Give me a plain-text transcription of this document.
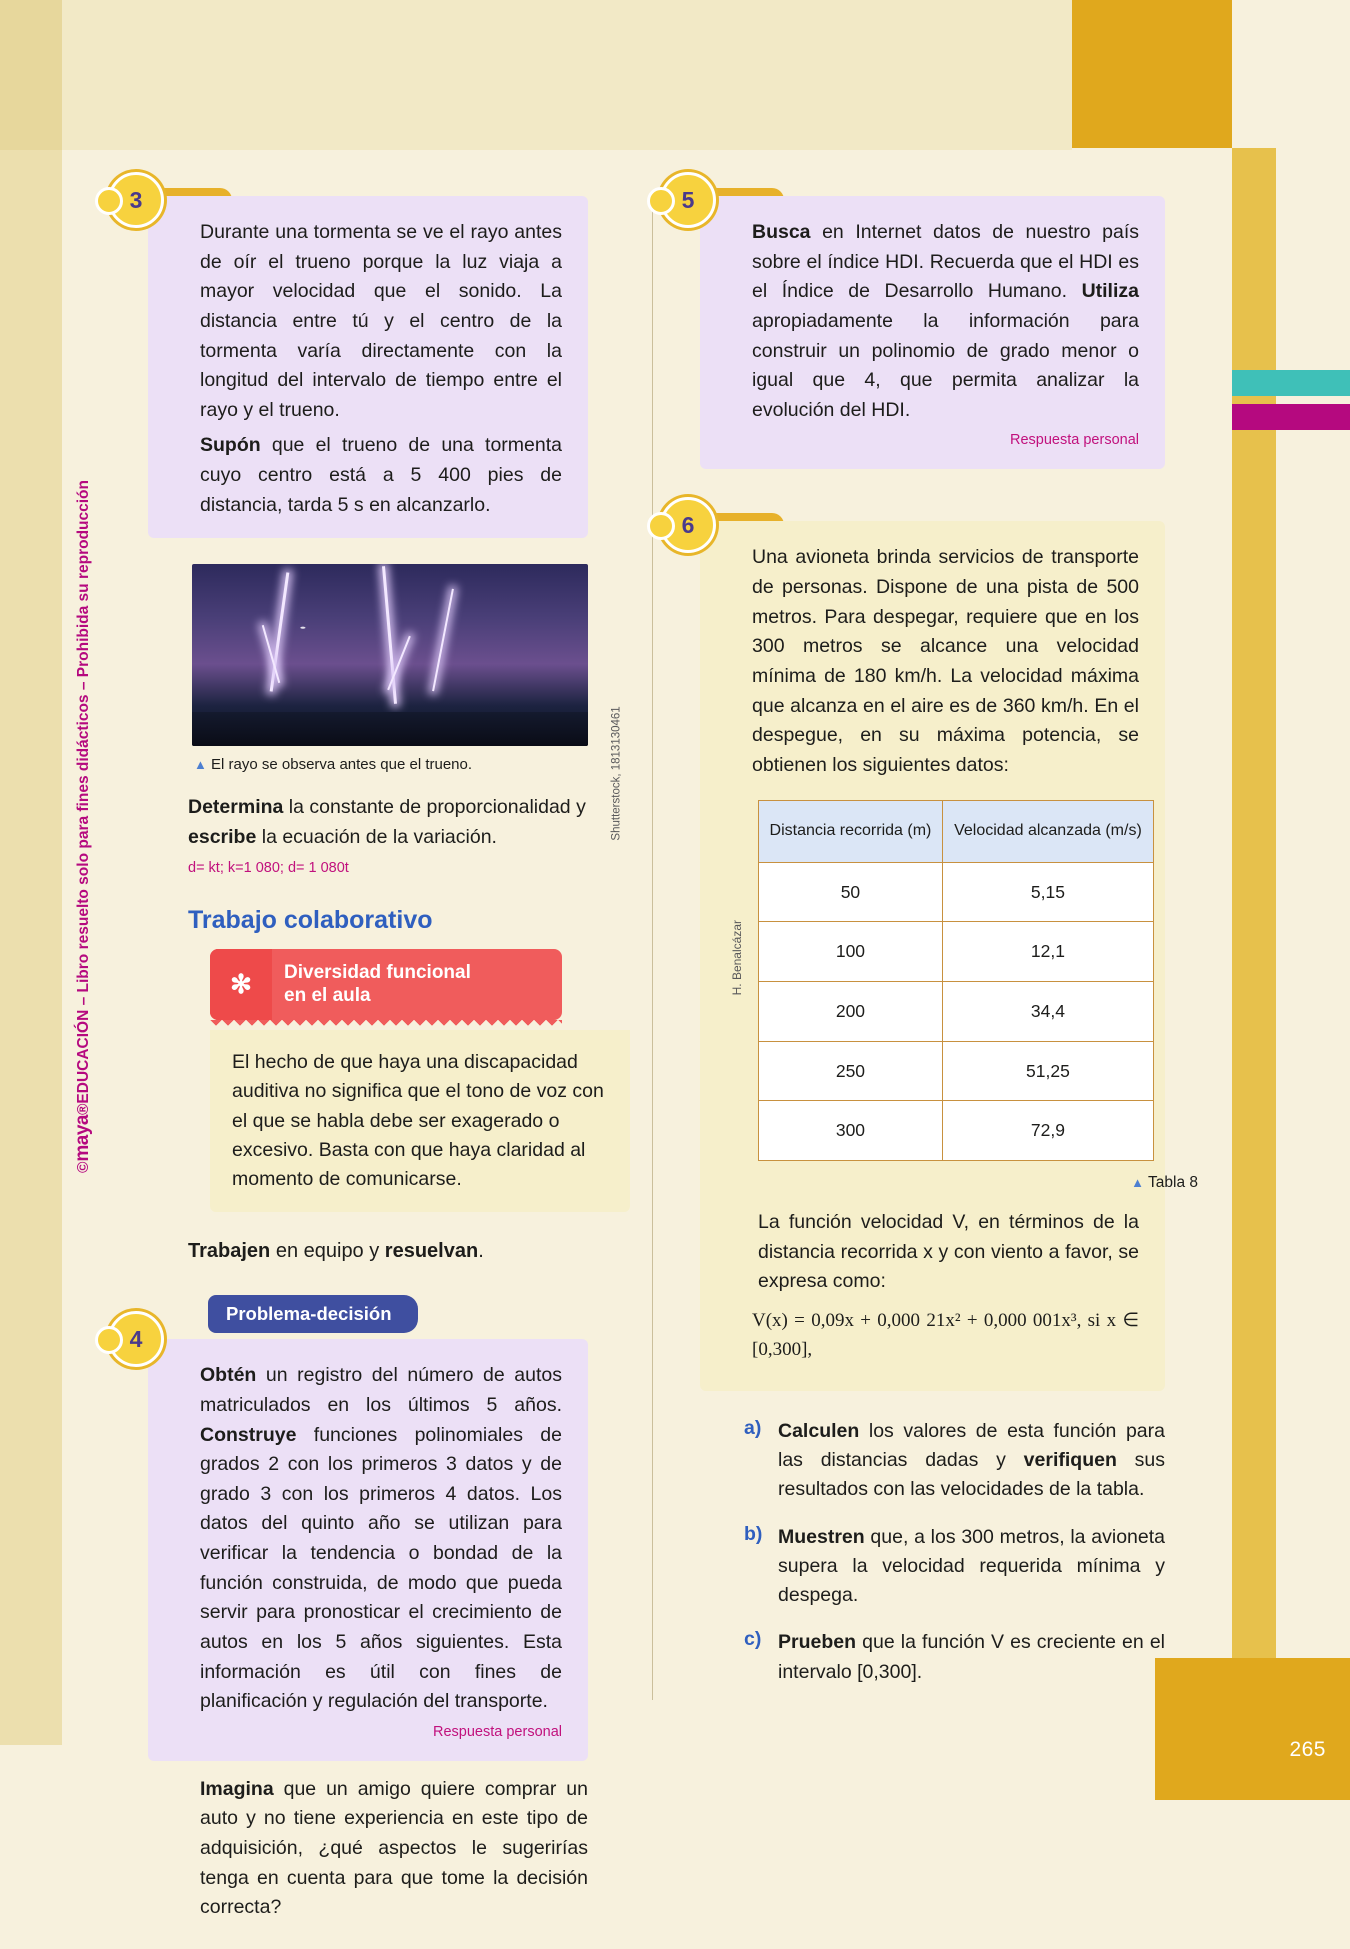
265
©maya®EDUCACIÓN – Libro resuelto solo para fines didácticos – Prohibida su reproducción
3

Durante una tormenta se ve el rayo antes de oír el trueno porque la luz viaja a mayor velocidad que el sonido. La distancia entre tú y el centro de la tormenta varía directamente con la longitud del intervalo de tiempo entre el rayo y el trueno.

Supón que el trueno de una tormenta cuyo centro está a 5 400 pies de distancia, tarda 5 s en alcanzarlo.

Shutterstock, 1813130461
▲ El rayo se observa antes que el trueno.
Determina la constante de proporcionalidad y escribe la ecuación de la variación.
d= kt; k=1 080; d= 1 080t
Trabajo colaborativo
✻	Diversidad funcional
en el aula
El hecho de que haya una discapacidad auditiva no significa que el tono de voz con el que se habla debe ser exagerado o excesivo. Basta con que haya claridad al momento de comunicarse.
Trabajen en equipo y resuelvan.
Problema-decisión
4

Obtén un registro del número de autos matriculados en los últimos 5 años. Construye funciones polinomiales de grados 2 con los primeros 3 datos y de grado 3 con los primeros 4 datos. Los datos del quinto año se utilizan para verificar la tendencia o bondad de la función construida, de modo que pueda servir para pronosticar el crecimiento de autos en los 5 años siguientes. Esta información es útil con fines de planificación y regulación del transporte.

Respuesta personal
Imagina que un amigo quiere comprar un auto y no tiene experiencia en este tipo de adquisición, ¿qué aspectos le sugerirías tenga en cuenta para que tome la decisión correcta?
5

Busca en Internet datos de nuestro país sobre el índice HDI. Recuerda que el HDI es el Índice de Desarrollo Humano. Utiliza apropiadamente la información para construir un polinomio de grado menor o igual que 4, que permita analizar la evolución del HDI.

Respuesta personal
6

Una avioneta brinda servicios de transporte de personas. Dispone de una pista de 500 metros. Para despegar, requiere que en los 300 metros se alcance una velocidad mínima de 180 km/h. La velocidad máxima que alcanza en el aire es de 360 km/h. En el despegue, en su máxima potencia, se obtienen los siguientes datos:

H. Benalcázar
Distancia recorrida (m)	Velocidad alcanzada (m/s)
50	5,15
100	12,1
200	34,4
250	51,25
300	72,9
▲ Tabla 8

La función velocidad V, en términos de la distancia recorrida x y con viento a favor, se expresa como:

V(x) = 0,09x + 0,000 21x² + 0,000 001x³, si x ∈ [0,300],
a) Calculen los valores de esta función para las distancias dadas y verifiquen sus resultados con las velocidades de la tabla.
b) Muestren que, a los 300 metros, la avioneta supera la velocidad requerida mínima y despega.
c) Prueben que la función V es creciente en el intervalo [0,300].
